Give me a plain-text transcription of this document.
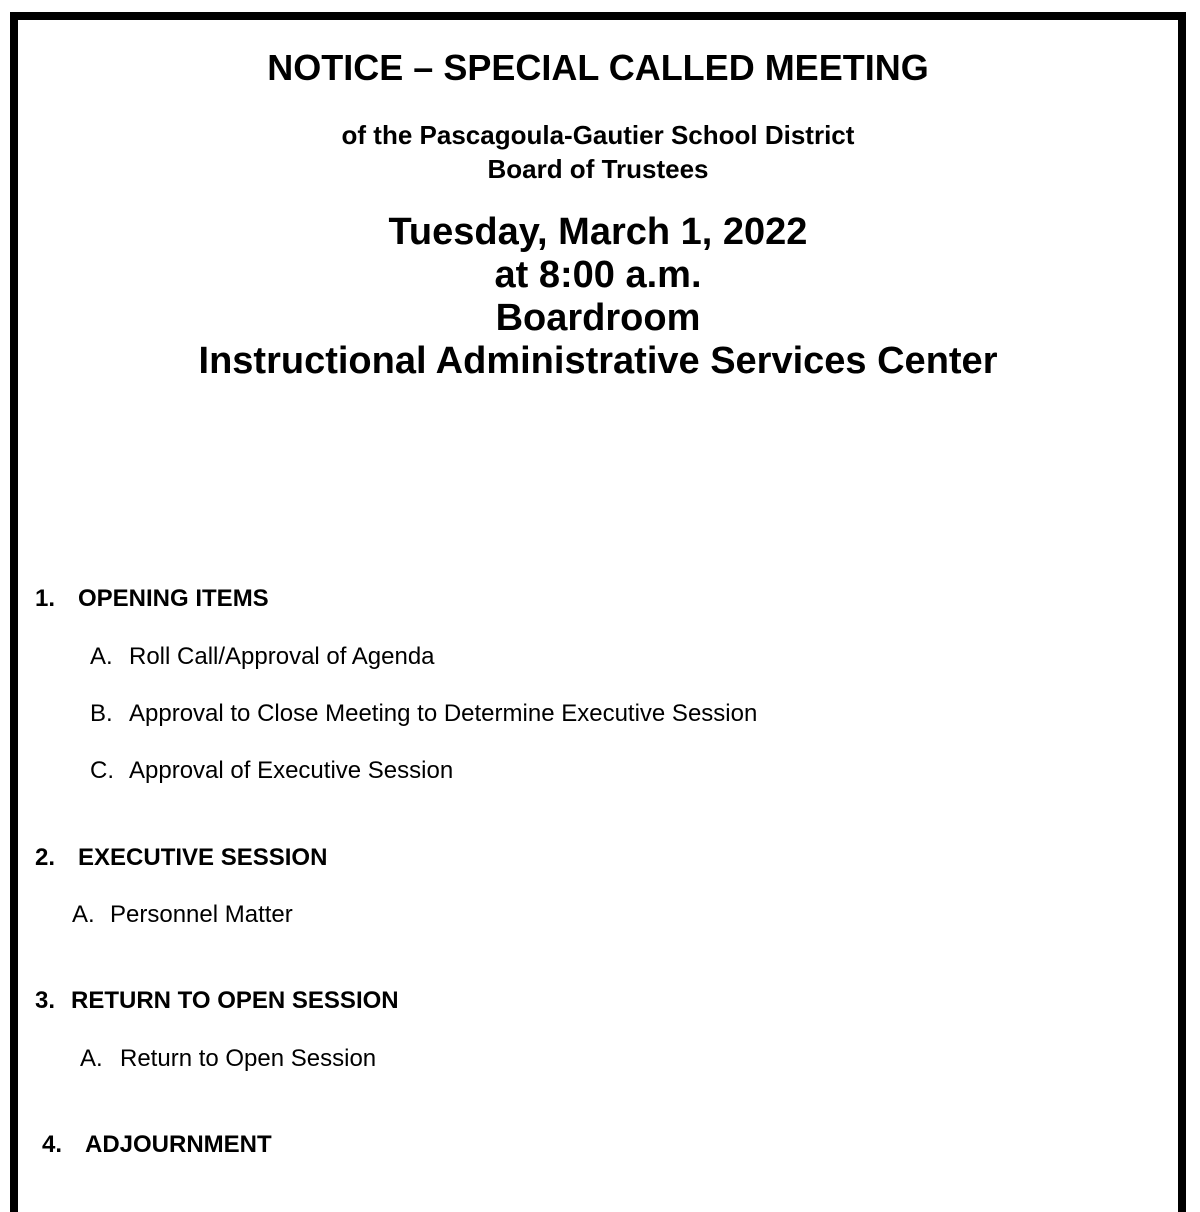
NOTICE – SPECIAL CALLED MEETING
of the Pascagoula-Gautier School District
Board of Trustees
Tuesday, March 1, 2022
at 8:00 a.m.
Boardroom
Instructional Administrative Services Center
1. OPENING ITEMS
A. Roll Call/Approval of Agenda
B. Approval to Close Meeting to Determine Executive Session
C. Approval of Executive Session
2. EXECUTIVE SESSION
A. Personnel Matter
3. RETURN TO OPEN SESSION
A. Return to Open Session
4. ADJOURNMENT
